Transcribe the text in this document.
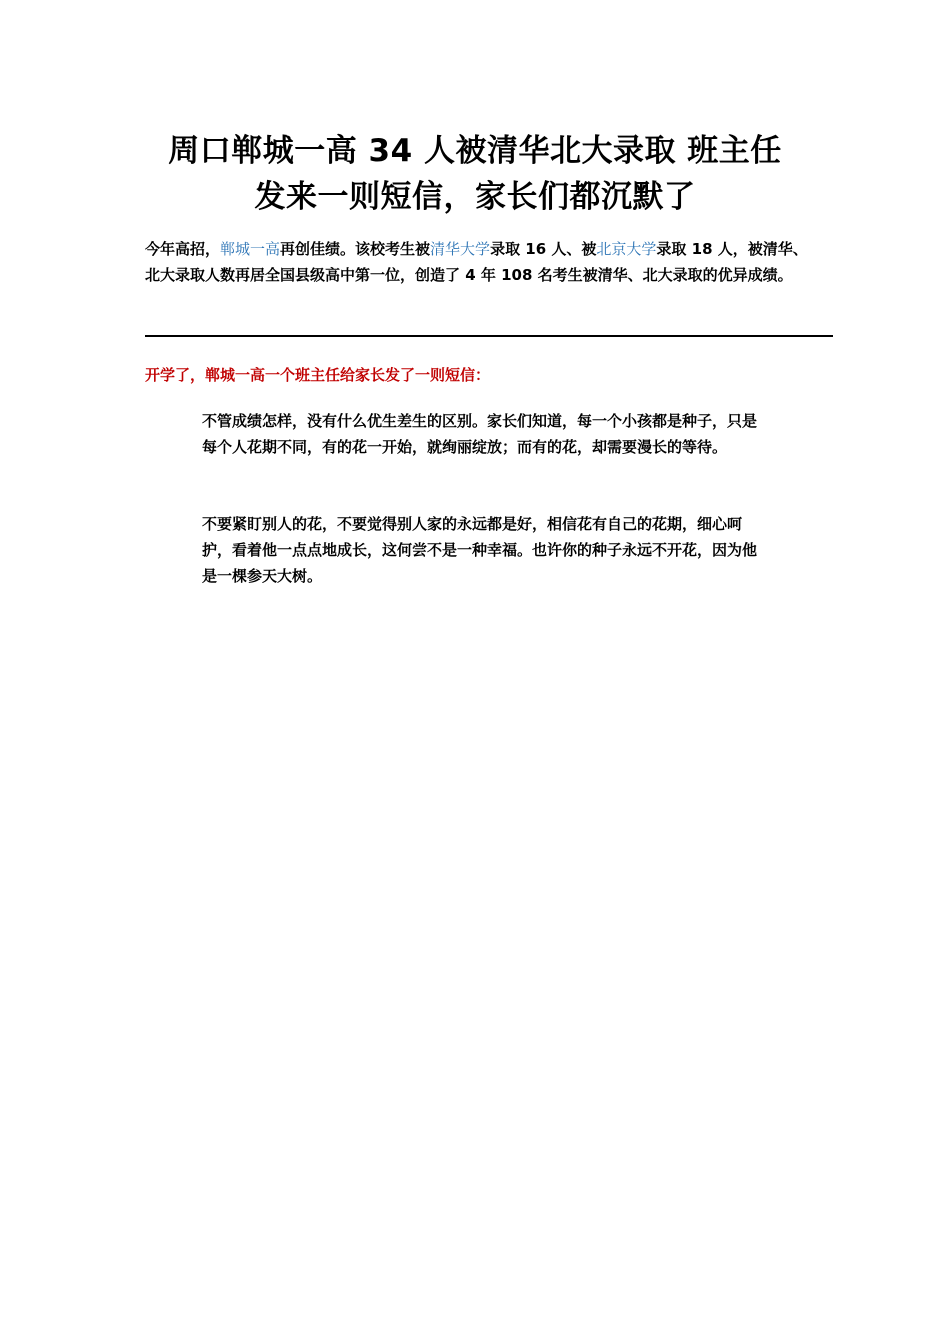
周口郸城一高 34 人被清华北大录取 班主任
发来一则短信，家长们都沉默了

今年高招，郸城一高再创佳绩。该校考生被清华大学录取 16 人、被北京大学录取 18 人，被清华、北大录取人数再居全国县级高中第一位，创造了 4 年 108 名考生被清华、北大录取的优异成绩。

开学了，郸城一高一个班主任给家长发了一则短信：

不管成绩怎样，没有什么优生差生的区别。家长们知道，每一个小孩都是种子，只是每个人花期不同，有的花一开始，就绚丽绽放；而有的花，却需要漫长的等待。

不要紧盯别人的花，不要觉得别人家的永远都是好，相信花有自己的花期，细心呵护，看着他一点点地成长，这何尝不是一种幸福。也许你的种子永远不开花，因为他是一棵参天大树。
